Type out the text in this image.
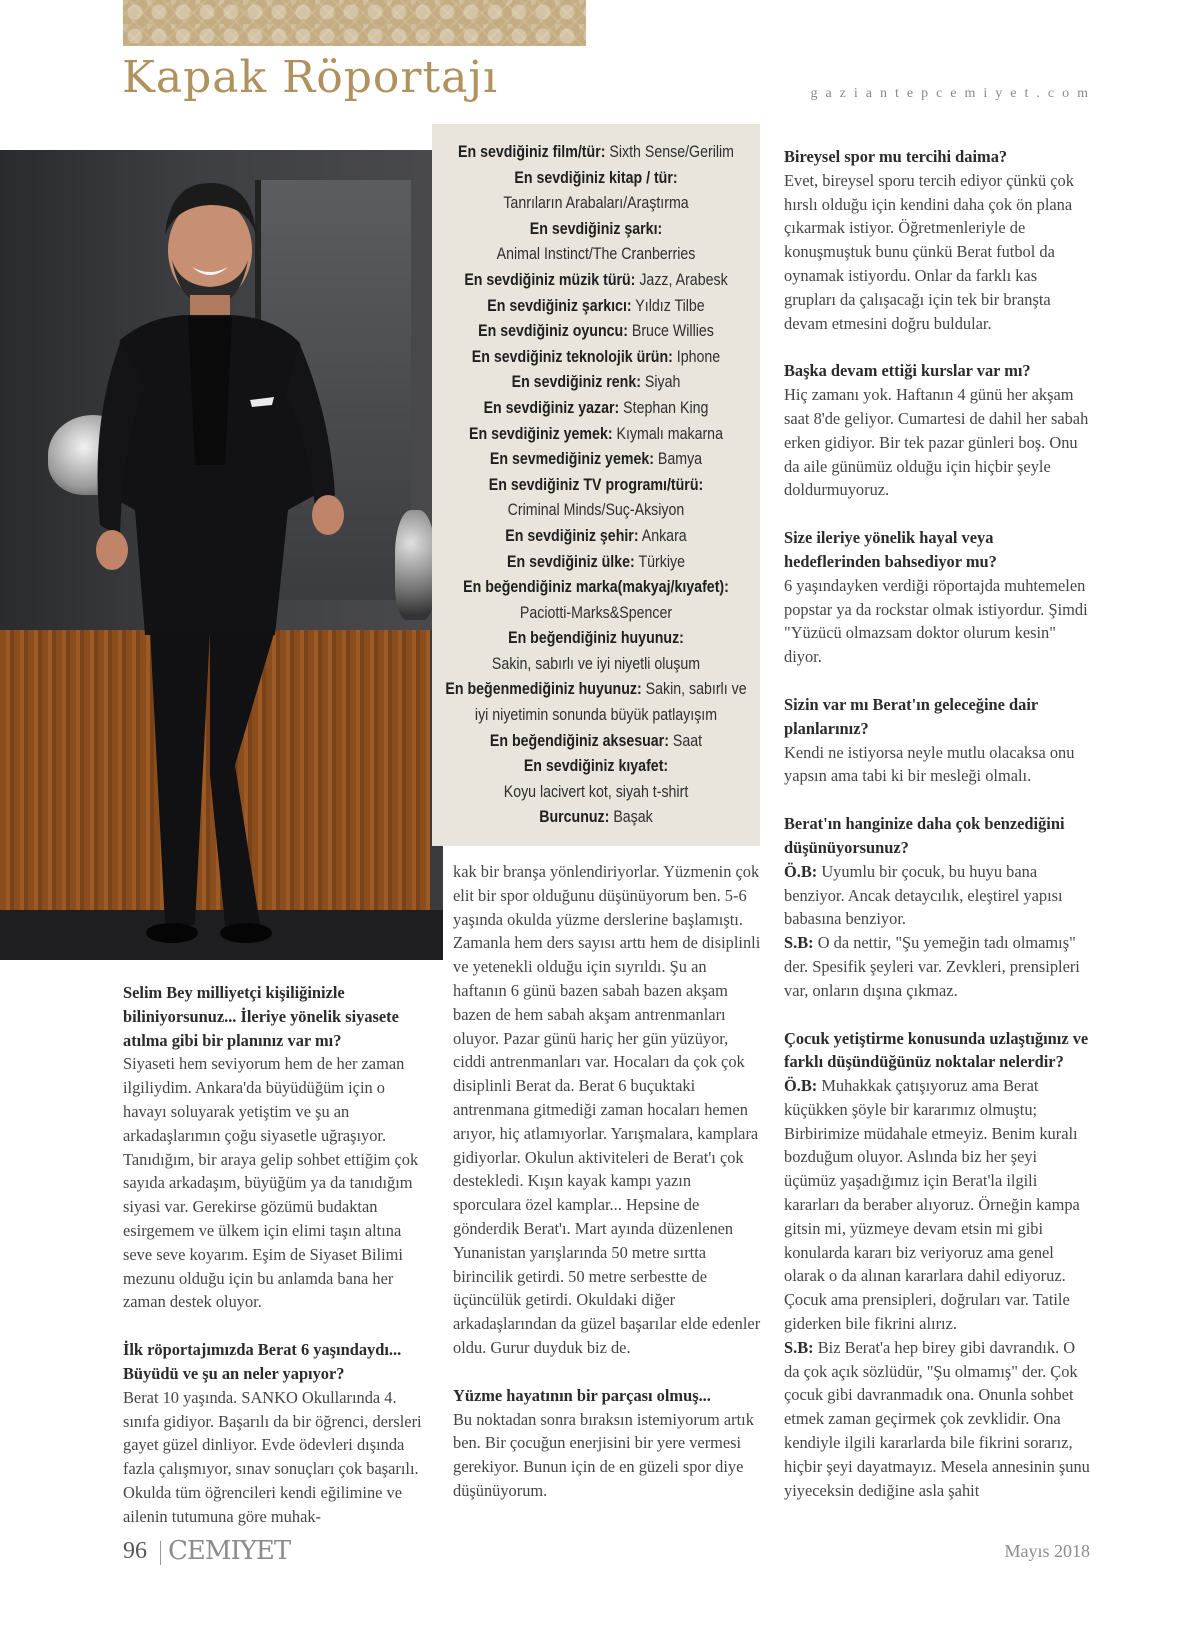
Kapak Röportajı	gaziantepcemiyet.com
En sevdiğiniz film/tür: Sixth Sense/Gerilim
En sevdiğiniz kitap / tür:
Tanrıların Arabaları/Araştırma
En sevdiğiniz şarkı:
Animal Instinct/The Cranberries
En sevdiğiniz müzik türü: Jazz, Arabesk
En sevdiğiniz şarkıcı: Yıldız Tilbe
En sevdiğiniz oyuncu: Bruce Willies
En sevdiğiniz teknolojik ürün: Iphone
En sevdiğiniz renk: Siyah
En sevdiğiniz yazar: Stephan King
En sevdiğiniz yemek: Kıymalı makarna
En sevmediğiniz yemek: Bamya
En sevdiğiniz TV programı/türü:
Criminal Minds/Suç-Aksiyon
En sevdiğiniz şehir: Ankara
En sevdiğiniz ülke: Türkiye
En beğendiğiniz marka(makyaj/kıyafet):
Paciotti-Marks&Spencer
En beğendiğiniz huyunuz:
Sakin, sabırlı ve iyi niyetli oluşum
En beğenmediğiniz huyunuz: Sakin, sabırlı ve
iyi niyetimin sonunda büyük patlayışım
En beğendiğiniz aksesuar: Saat
En sevdiğiniz kıyafet:
Koyu lacivert kot, siyah t-shirt
Burcunuz: Başak

Selim Bey milliyetçi kişiliğinizle biliniyorsunuz... İleriye yönelik siyasete atılma gibi bir planınız var mı?

Siyaseti hem seviyorum hem de her zaman ilgiliydim. Ankara'da büyüdüğüm için o havayı soluyarak yetiştim ve şu an arkadaşlarımın çoğu siyasetle uğraşıyor. Tanıdığım, bir araya gelip sohbet ettiğim çok sayıda arkadaşım, büyüğüm ya da tanıdığım siyasi var. Gerekirse gözümü budaktan esirgemem ve ülkem için elimi taşın altına seve seve koyarım. Eşim de Siyaset Bilimi mezunu olduğu için bu anlamda bana her zaman destek oluyor.

İlk röportajımızda Berat 6 yaşındaydı... Büyüdü ve şu an neler yapıyor?

Berat 10 yaşında. SANKO Okullarında 4. sınıfa gidiyor. Başarılı da bir öğrenci, dersleri gayet güzel dinliyor. Evde ödevleri dışında fazla çalışmıyor, sınav sonuçları çok başarılı. Okulda tüm öğrencileri kendi eğilimine ve ailenin tutumuna göre muhak-

kak bir branşa yönlendiriyorlar. Yüzmenin çok elit bir spor olduğunu düşünüyorum ben. 5-6 yaşında okulda yüzme derslerine başlamıştı. Zamanla hem ders sayısı arttı hem de disiplinli ve yetenekli olduğu için sıyrıldı. Şu an haftanın 6 günü bazen sabah bazen akşam bazen de hem sabah akşam antrenmanları oluyor. Pazar günü hariç her gün yüzüyor, ciddi antrenmanları var. Hocaları da çok çok disiplinli Berat da. Berat 6 buçuktaki antrenmana gitmediği zaman hocaları hemen arıyor, hiç atlamıyorlar. Yarışmalara, kamplara gidiyorlar. Okulun aktiviteleri de Berat'ı çok destekledi. Kışın kayak kampı yazın sporculara özel kamplar... Hepsine de gönderdik Berat'ı. Mart ayında düzenlenen Yunanistan yarışlarında 50 metre sırtta birincilik getirdi. 50 metre serbestte de üçüncülük getirdi. Okuldaki diğer arkadaşlarından da güzel başarılar elde edenler oldu. Gurur duyduk biz de.

Yüzme hayatının bir parçası olmuş...

Bu noktadan sonra bıraksın istemiyorum artık ben. Bir çocuğun enerjisini bir yere vermesi gerekiyor. Bunun için de en güzeli spor diye düşünüyorum.

Bireysel spor mu tercihi daima?

Evet, bireysel sporu tercih ediyor çünkü çok hırslı olduğu için kendini daha çok ön plana çıkarmak istiyor. Öğretmenleriyle de konuşmuştuk bunu çünkü Berat futbol da oynamak istiyordu. Onlar da farklı kas grupları da çalışacağı için tek bir branşta devam etmesini doğru buldular.

Başka devam ettiği kurslar var mı?

Hiç zamanı yok. Haftanın 4 günü her akşam saat 8'de geliyor. Cumartesi de dahil her sabah erken gidiyor. Bir tek pazar günleri boş. Onu da aile günümüz olduğu için hiçbir şeyle doldurmuyoruz.

Size ileriye yönelik hayal veya hedeflerinden bahsediyor mu?

6 yaşındayken verdiği röportajda muhtemelen popstar ya da rockstar olmak istiyordur. Şimdi "Yüzücü olmazsam doktor olurum kesin" diyor.

Sizin var mı Berat'ın geleceğine dair planlarınız?

Kendi ne istiyorsa neyle mutlu olacaksa onu yapsın ama tabi ki bir mesleği olmalı.

Berat'ın hanginize daha çok benzediğini düşünüyorsunuz?

Ö.B: Uyumlu bir çocuk, bu huyu bana benziyor. Ancak detaycılık, eleştirel yapısı babasına benziyor.

S.B: O da nettir, "Şu yemeğin tadı olmamış" der. Spesifik şeyleri var. Zevkleri, prensipleri var, onların dışına çıkmaz.

Çocuk yetiştirme konusunda uzlaştığınız ve farklı düşündüğünüz noktalar nelerdir?

Ö.B: Muhakkak çatışıyoruz ama Berat küçükken şöyle bir kararımız olmuştu; Birbirimize müdahale etmeyiz. Benim kuralı bozduğum oluyor. Aslında biz her şeyi üçümüz yaşadığımız için Berat'la ilgili kararları da beraber alıyoruz. Örneğin kampa gitsin mi, yüzmeye devam etsin mi gibi konularda kararı biz veriyoruz ama genel olarak o da alınan kararlara dahil ediyoruz. Çocuk ama prensipleri, doğruları var. Tatile giderken bile fikrini alırız.

S.B: Biz Berat'a hep birey gibi davrandık. O da çok açık sözlüdür, "Şu olmamış" der. Çok çocuk gibi davranmadık ona. Onunla sohbet etmek zaman geçirmek çok zevklidir. Ona kendiyle ilgili kararlarda bile fikrini sorarız, hiçbir şeyi dayatmayız. Mesela annesinin şunu yiyeceksin dediğine asla şahit

96 CEMIYET	Mayıs 2018
